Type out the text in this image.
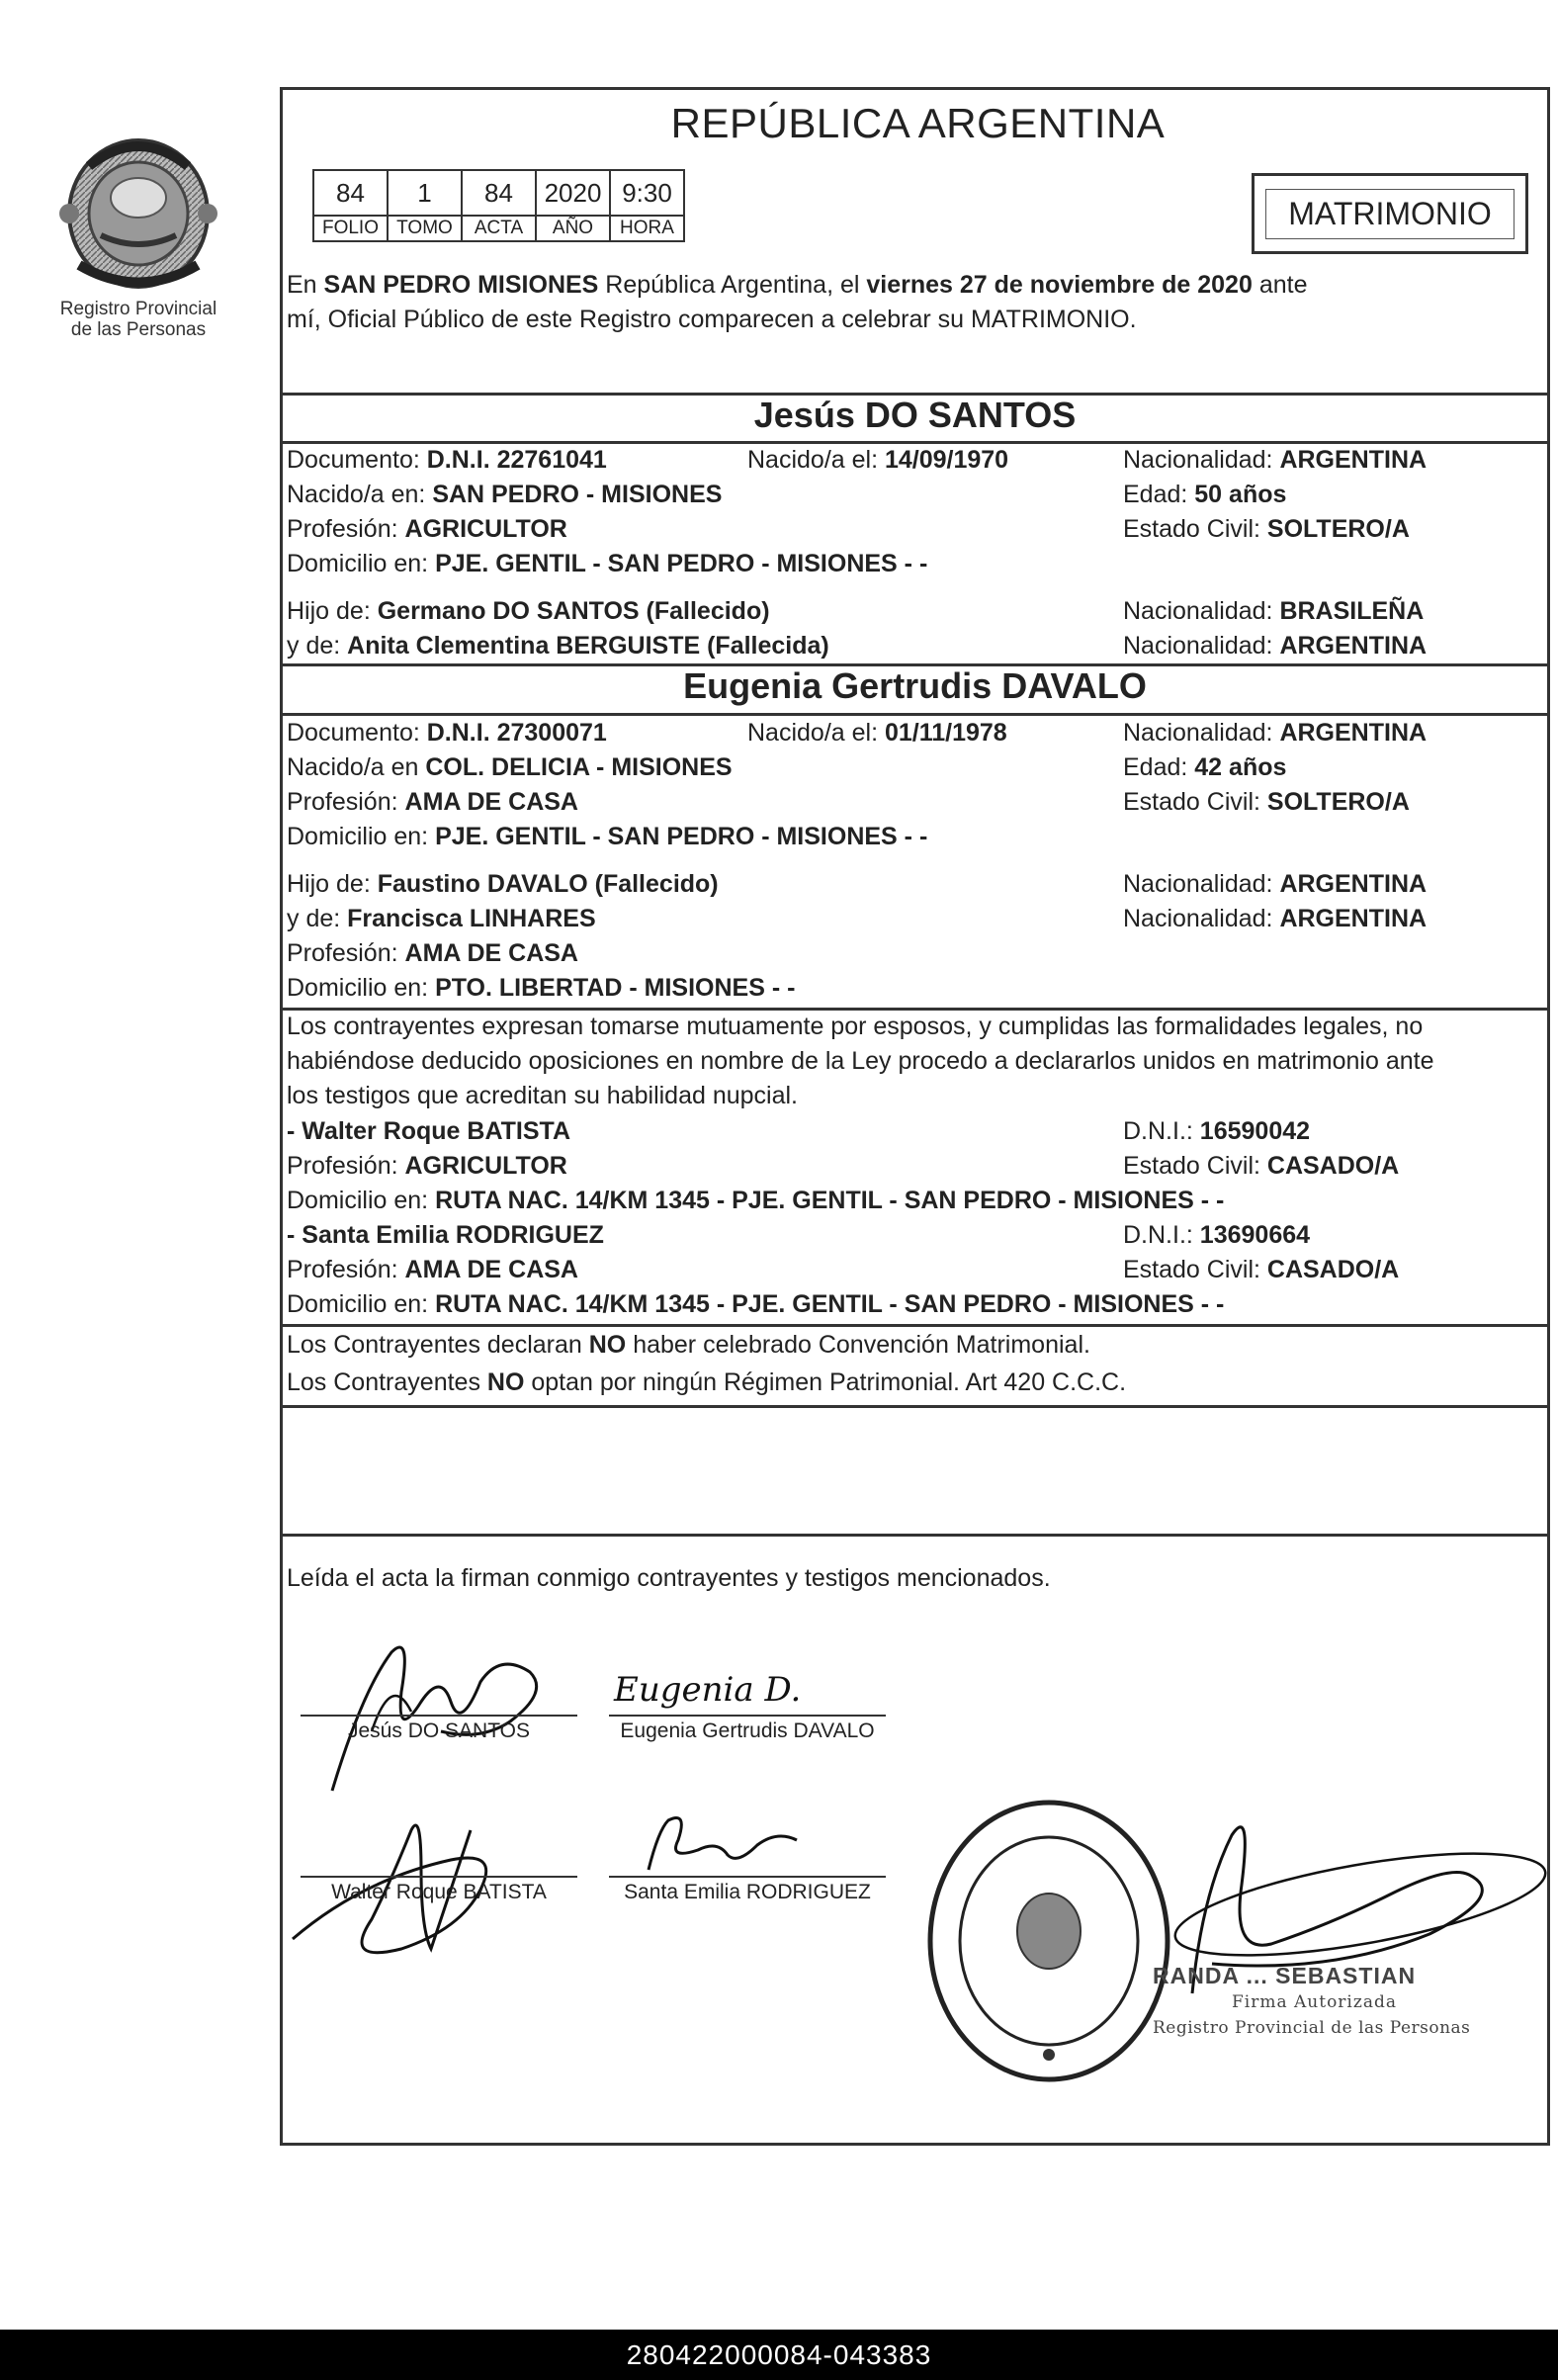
Registro Provincial
de las Personas
REPÚBLICA ARGENTINA
84	1	84	2020	9:30
FOLIO	TOMO	ACTA	AÑO	HORA	MATRIMONIO
En SAN PEDRO MISIONES República Argentina, el viernes 27 de noviembre de 2020 ante
mí, Oficial Público de este Registro comparecen a celebrar su MATRIMONIO.
Jesús DO SANTOS
Documento: D.N.I. 22761041	Nacido/a el: 14/09/1970	Nacionalidad: ARGENTINA
Nacido/a en: SAN PEDRO - MISIONES	Edad: 50 años
Profesión: AGRICULTOR	Estado Civil: SOLTERO/A
Domicilio en: PJE. GENTIL - SAN PEDRO - MISIONES - -
Hijo de: Germano DO SANTOS (Fallecido)	Nacionalidad: BRASILEÑA
y de: Anita Clementina BERGUISTE (Fallecida)	Nacionalidad: ARGENTINA
Eugenia Gertrudis DAVALO
Documento: D.N.I. 27300071	Nacido/a el: 01/11/1978	Nacionalidad: ARGENTINA
Nacido/a en COL. DELICIA - MISIONES	Edad: 42 años
Profesión: AMA DE CASA	Estado Civil: SOLTERO/A
Domicilio en: PJE. GENTIL - SAN PEDRO - MISIONES - -
Hijo de: Faustino DAVALO (Fallecido)	Nacionalidad: ARGENTINA
y de: Francisca LINHARES	Nacionalidad: ARGENTINA
Profesión: AMA DE CASA
Domicilio en: PTO. LIBERTAD - MISIONES - -
Los contrayentes expresan tomarse mutuamente por esposos, y cumplidas las formalidades legales, no
habiéndose deducido oposiciones en nombre de la Ley procedo a declararlos unidos en matrimonio ante
los testigos que acreditan su habilidad nupcial.
- Walter Roque BATISTA	D.N.I.: 16590042
Profesión: AGRICULTOR	Estado Civil: CASADO/A
Domicilio en: RUTA NAC. 14/KM 1345 - PJE. GENTIL - SAN PEDRO - MISIONES - -
- Santa Emilia RODRIGUEZ	D.N.I.: 13690664
Profesión: AMA DE CASA	Estado Civil: CASADO/A
Domicilio en: RUTA NAC. 14/KM 1345 - PJE. GENTIL - SAN PEDRO - MISIONES - -
Los Contrayentes declaran NO haber celebrado Convención Matrimonial.
Los Contrayentes NO optan por ningún Régimen Patrimonial. Art 420 C.C.C.
Leída el acta la firman conmigo contrayentes y testigos mencionados.
Jesús DO SANTOS
Eugenia D.
Eugenia Gertrudis DAVALO
Walter Roque BATISTA	Santa Emilia RODRIGUEZ
RANDA ... SEBASTIAN
Firma Autorizada
Registro Provincial de las Personas
280422000084-043383
